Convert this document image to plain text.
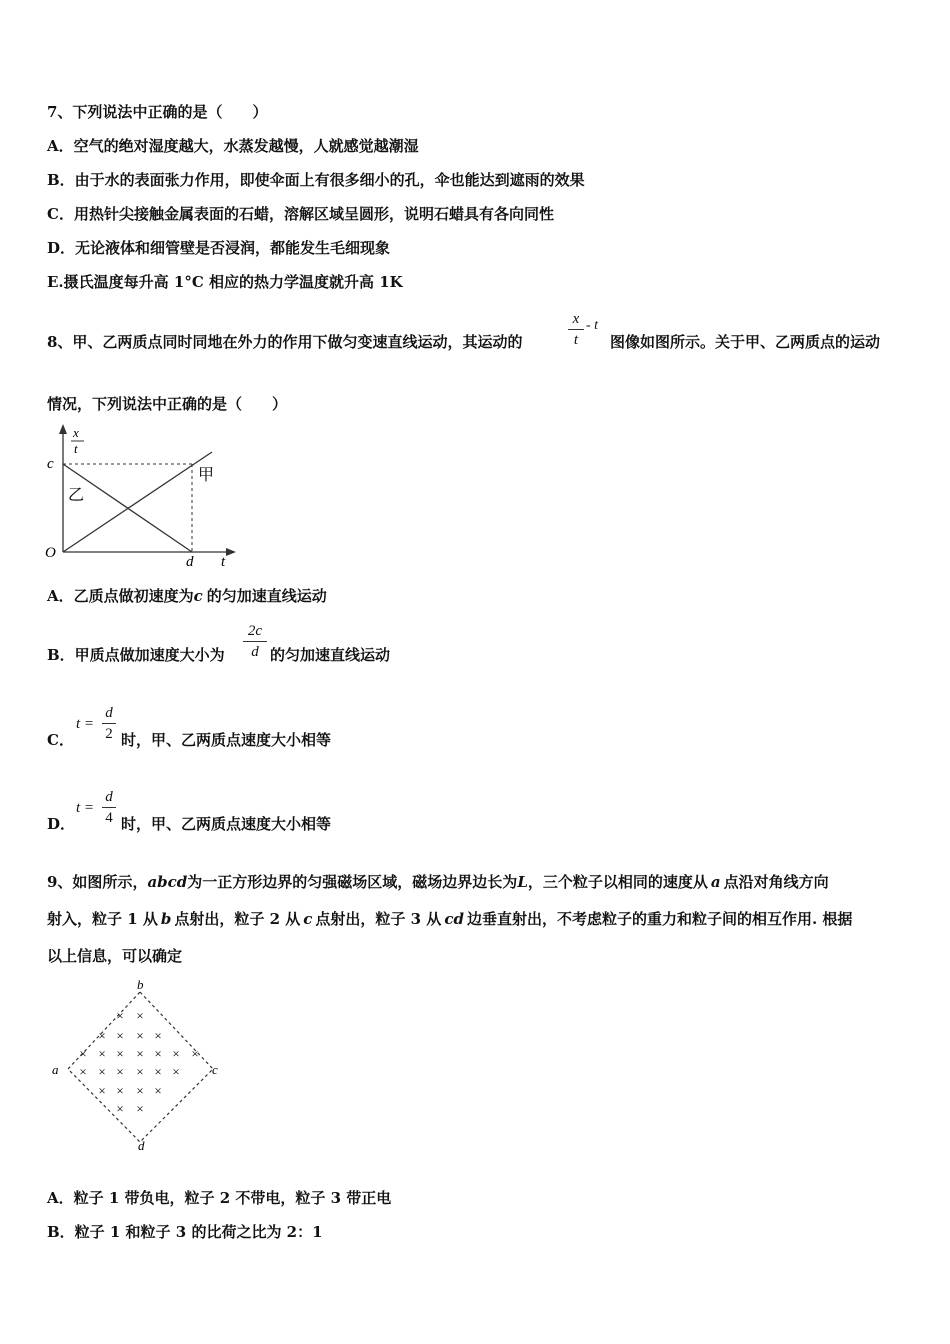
7、下列说法中正确的是（　　）
A．空气的绝对湿度越大，水蒸发越慢，人就感觉越潮湿
B．由于水的表面张力作用，即使伞面上有很多细小的孔，伞也能达到遮雨的效果
C．用热针尖接触金属表面的石蜡，溶解区域呈圆形，说明石蜡具有各向同性
D．无论液体和细管壁是否浸润，都能发生毛细现象
E.摄氏温度每升高 1°C 相应的热力学温度就升高 1K
8、甲、乙两质点同时同地在外力的作用下做匀变速直线运动，其运动的
x
t
- t
图像如图所示。关于甲、乙两质点的运动
情况，下列说法中正确的是（　　）
x
t
c
O
d t
甲
乙
A．乙质点做初速度为c 的匀加速直线运动
B．甲质点做加速度大小为
2c
d 的匀加速直线运动
C．
t =
d
2 时，甲、乙两质点速度大小相等
D．
t =
d
4 时，甲、乙两质点速度大小相等
9、如图所示，abcd为一正方形边界的匀强磁场区域，磁场边界边长为L，三个粒子以相同的速度从 a 点沿对角线方向
射入，粒子 1 从 b 点射出，粒子 2 从 c 点射出，粒子 3 从 cd 边垂直射出，不考虑粒子的重力和粒子间的相互作用. 根据
以上信息，可以确定
a
b
c
d
× ×
× × × ×
× × × × × × ×
× × × × × ×
× × × ×
× ×
A．粒子 1 带负电，粒子 2 不带电，粒子 3 带正电
B．粒子 1 和粒子 3 的比荷之比为 2：1
